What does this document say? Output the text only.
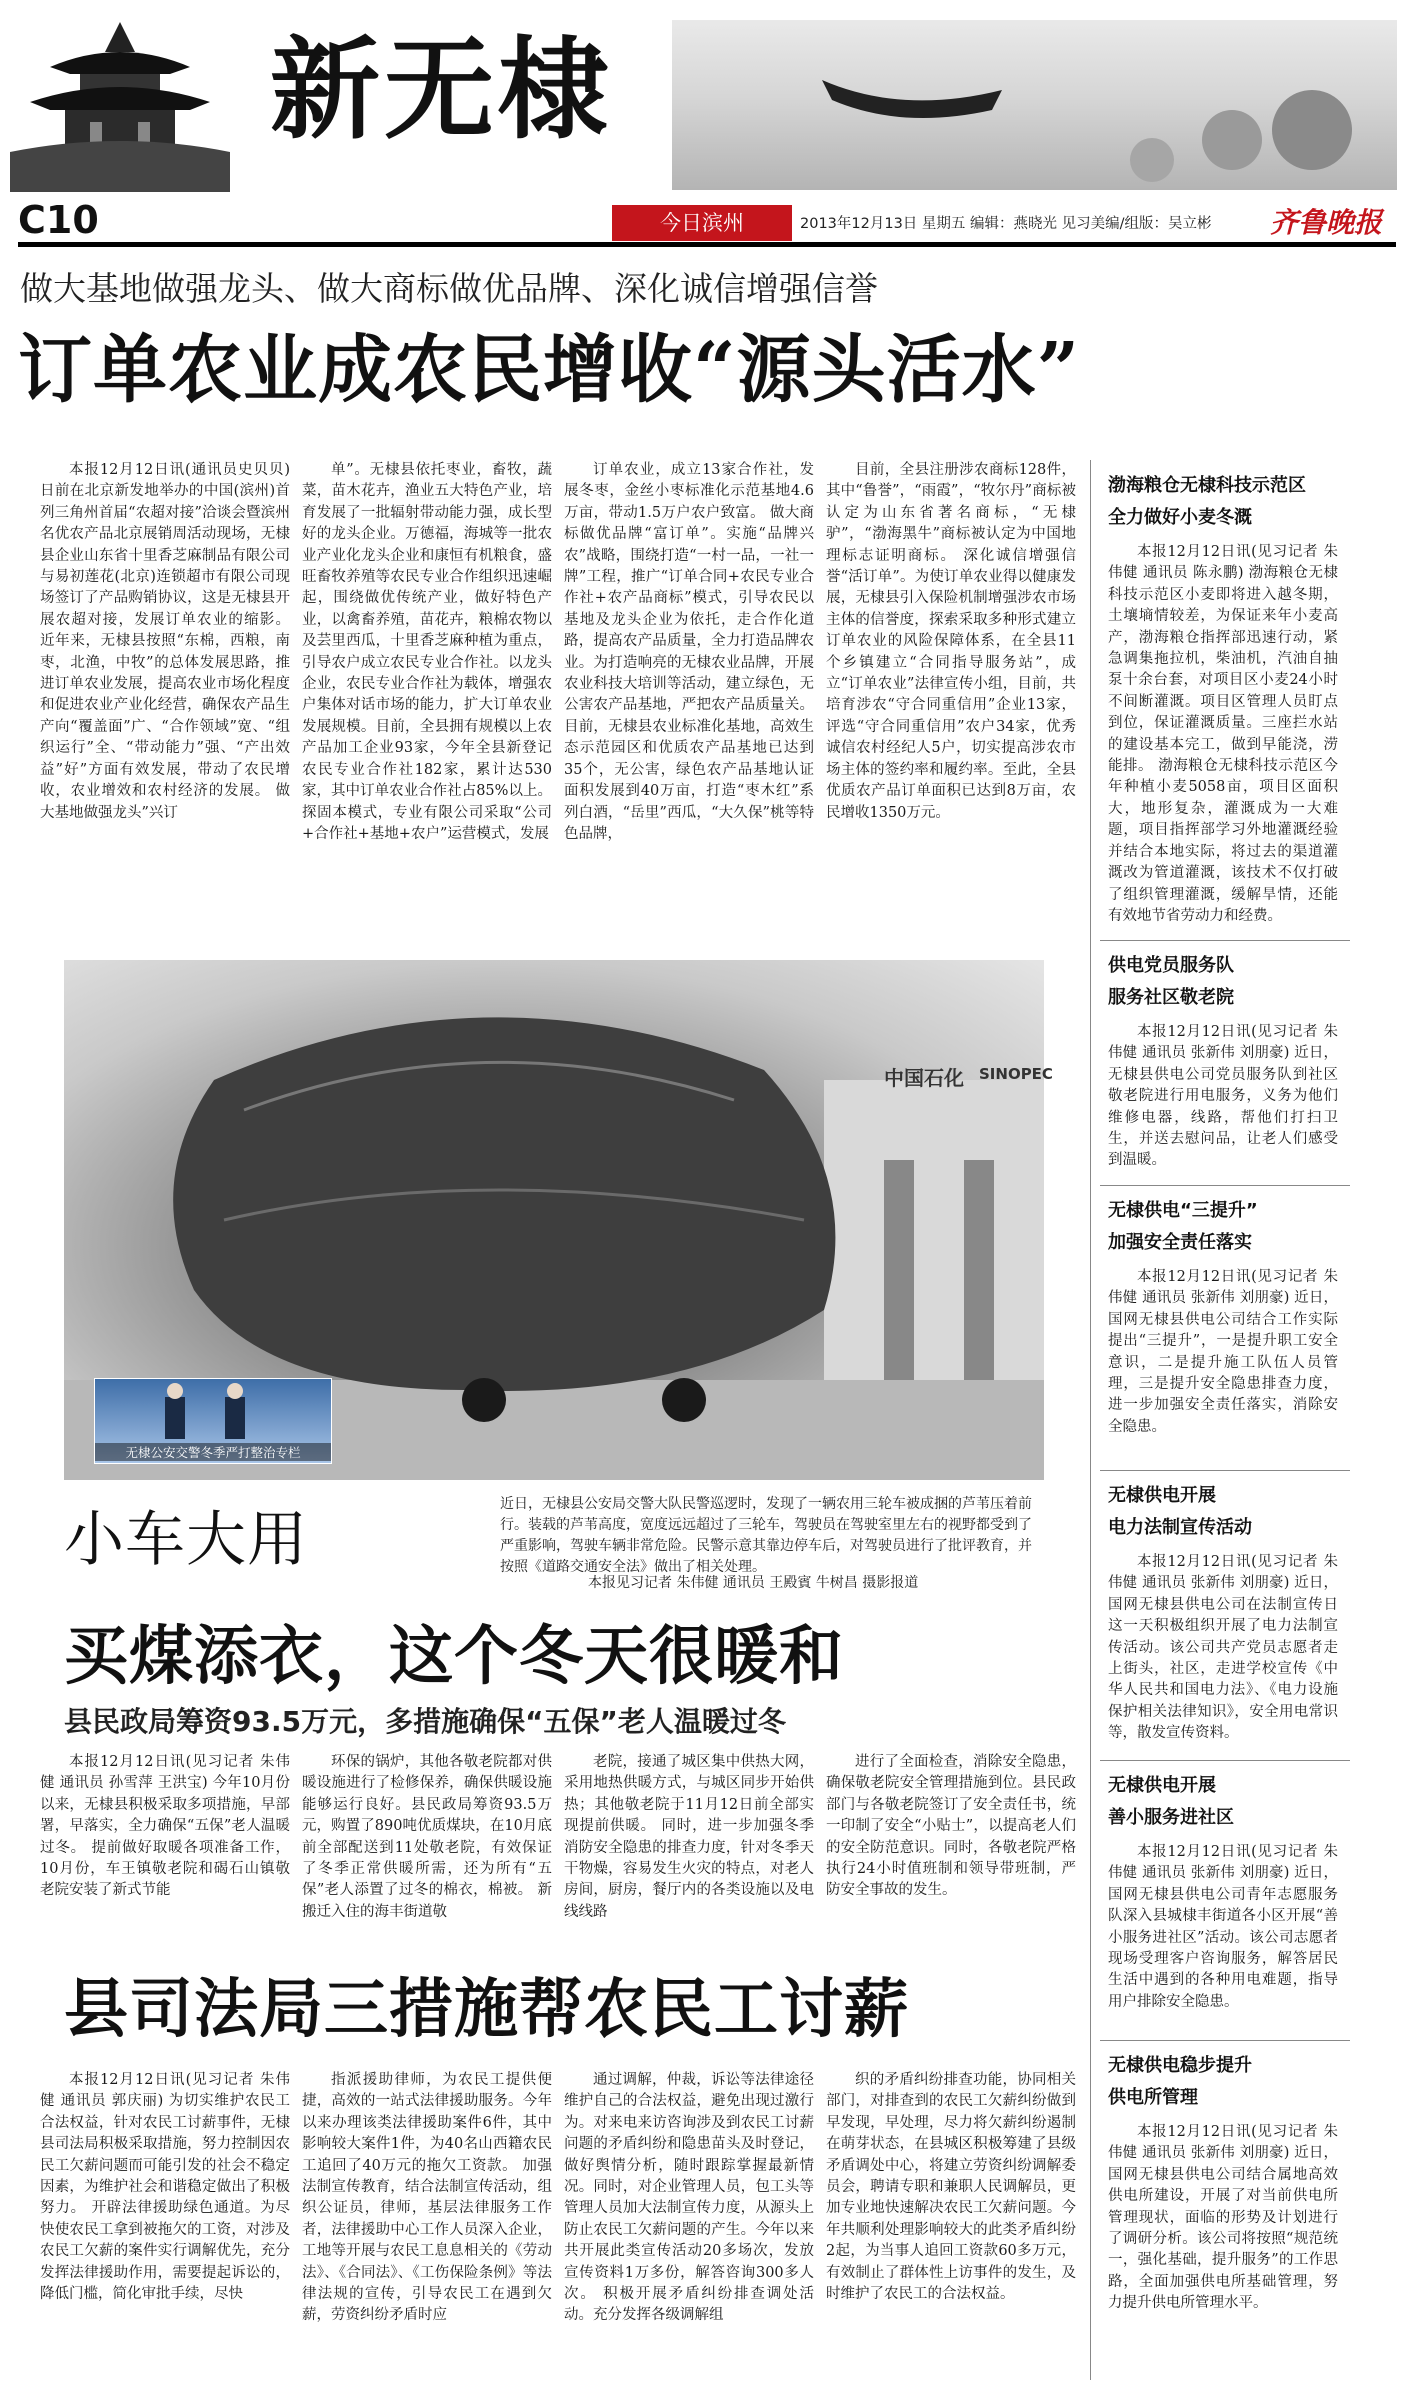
新无棣
C10	今日滨州	2013年12月13日 星期五 编辑：燕晓光 见习美编/组版：吴立彬 齐鲁晚报
做大基地做强龙头、做大商标做优品牌、深化诚信增强信誉
订单农业成农民增收“源头活水”

本报12月12日讯(通讯员史贝贝) 日前在北京新发地举办的中国(滨州)首列三角州首届“农超对接”洽谈会暨滨州名优农产品北京展销周活动现场，无棣县企业山东省十里香芝麻制品有限公司与易初莲花(北京)连锁超市有限公司现场签订了产品购销协议，这是无棣县开展农超对接，发展订单农业的缩影。 近年来，无棣县按照“东棉，西粮，南枣，北渔，中牧”的总体发展思路，推进订单农业发展，提高农业市场化程度和促进农业产业化经营，确保农产品生产向“覆盖面”广、“合作领域”宽、“组织运行”全、“带动能力”强、“产出效益”好”方面有效发展，带动了农民增收，农业增效和农村经济的发展。 做大基地做强龙头”兴订

单”。无棣县依托枣业，畜牧，蔬菜，苗木花卉，渔业五大特色产业，培育发展了一批辐射带动能力强，成长型好的龙头企业。万德福，海城等一批农业产业化龙头企业和康恒有机粮食，盛旺畜牧养殖等农民专业合作组织迅速崛起，围绕做优传统产业，做好特色产业，以禽畜养殖，苗花卉，粮棉农物以及芸里西瓜，十里香芝麻种植为重点，引导农户成立农民专业合作社。以龙头企业，农民专业合作社为载体，增强农户集体对话市场的能力，扩大订单农业发展规模。目前，全县拥有规模以上农产品加工企业93家，今年全县新登记农民专业合作社182家，累计达530家，其中订单农业合作社占85%以上。探固本模式，专业有限公司采取“公司+合作社+基地+农户”运营模式，发展

订单农业，成立13家合作社，发展冬枣，金丝小枣标准化示范基地4.6万亩，带动1.5万户农户致富。 做大商标做优品牌“富订单”。实施“品牌兴农”战略，围绕打造“一村一品，一社一牌”工程，推广“订单合同+农民专业合作社+农产品商标”模式，引导农民以基地及龙头企业为依托，走合作化道路，提高农产品质量，全力打造品牌农业。为打造响亮的无棣农业品牌，开展农业科技大培训等活动，建立绿色，无公害农产品基地，严把农产品质量关。目前，无棣县农业标准化基地，高效生态示范园区和优质农产品基地已达到35个，无公害，绿色农产品基地认证面积发展到40万亩，打造“枣木红”系列白酒，“岳里”西瓜，“大久保”桃等特色品牌，

目前，全县注册涉农商标128件，其中“鲁誉”，“雨霞”，“牧尔丹”商标被认定为山东省著名商标，“无棣驴”，“渤海黑牛”商标被认定为中国地理标志证明商标。 深化诚信增强信誉“活订单”。为使订单农业得以健康发展，无棣县引入保险机制增强涉农市场主体的信誉度，探索采取多种形式建立订单农业的风险保障体系，在全县11个乡镇建立“合同指导服务站”，成立“订单农业”法律宣传小组，目前，共培育涉农“守合同重信用”企业13家，评选“守合同重信用”农户34家，优秀诚信农村经纪人5户，切实提高涉农市场主体的签约率和履约率。至此，全县优质农产品订单面积已达到8万亩，农民增收1350万元。

中国石化 SINOPEC
无棣公安交警冬季严打整治专栏
小车大用
近日，无棣县公安局交警大队民警巡逻时，发现了一辆农用三轮车被成捆的芦苇压着前行。装载的芦苇高度，宽度远远超过了三轮车，驾驶员在驾驶室里左右的视野都受到了严重影响，驾驶车辆非常危险。民警示意其靠边停车后，对驾驶员进行了批评教育，并按照《道路交通安全法》做出了相关处理。
本报见习记者 朱伟健 通讯员 王殿賓 牛树昌 摄影报道
买煤添衣，这个冬天很暖和
县民政局筹资93.5万元，多措施确保“五保”老人温暖过冬

本报12月12日讯(见习记者 朱伟健 通讯员 孙雪萍 王洪宝) 今年10月份以来，无棣县积极采取多项措施，早部署，早落实，全力确保“五保”老人温暖过冬。 提前做好取暖各项准备工作，10月份，车王镇敬老院和碣石山镇敬老院安装了新式节能

环保的锅炉，其他各敬老院都对供暖设施进行了检修保养，确保供暖设施能够运行良好。县民政局筹资93.5万元，购置了890吨优质煤块，在10月底前全部配送到11处敬老院，有效保证了冬季正常供暖所需，还为所有“五保”老人添置了过冬的棉衣，棉被。 新搬迁入住的海丰街道敬

老院，接通了城区集中供热大网，采用地热供暖方式，与城区同步开始供热；其他敬老院于11月12日前全部实现提前供暖。 同时，进一步加强冬季消防安全隐患的排查力度，针对冬季天干物燥，容易发生火灾的特点，对老人房间，厨房，餐厅内的各类设施以及电线线路

进行了全面检查，消除安全隐患，确保敬老院安全管理措施到位。县民政部门与各敬老院签订了安全责任书，统一印制了安全“小贴士”，以提高老人们的安全防范意识。同时，各敬老院严格执行24小时值班制和领导带班制，严防安全事故的发生。

县司法局三措施帮农民工讨薪

本报12月12日讯(见习记者 朱伟健 通讯员 郭庆丽) 为切实维护农民工合法权益，针对农民工讨薪事件，无棣县司法局积极采取措施，努力控制因农民工欠薪问题而可能引发的社会不稳定因素，为维护社会和谐稳定做出了积极努力。 开辟法律援助绿色通道。为尽快使农民工拿到被拖欠的工资，对涉及农民工欠薪的案件实行调解优先，充分发挥法律援助作用，需要提起诉讼的，降低门槛，简化审批手续，尽快

指派援助律师，为农民工提供便捷，高效的一站式法律援助服务。今年以来办理该类法律援助案件6件，其中影响较大案件1件，为40名山西籍农民工追回了40万元的拖欠工资款。 加强法制宣传教育，结合法制宣传活动，组织公证员，律师，基层法律服务工作者，法律援助中心工作人员深入企业，工地等开展与农民工息息相关的《劳动法》、《合同法》、《工伤保险条例》等法律法规的宣传，引导农民工在遇到欠薪，劳资纠纷矛盾时应

通过调解，仲裁，诉讼等法律途径维护自己的合法权益，避免出现过激行为。对来电来访咨询涉及到农民工讨薪问题的矛盾纠纷和隐患苗头及时登记，做好舆情分析，随时跟踪掌握最新情况。同时，对企业管理人员，包工头等管理人员加大法制宣传力度，从源头上防止农民工欠薪问题的产生。今年以来共开展此类宣传活动20多场次，发放宣传资料1万多份，解答咨询300多人次。 积极开展矛盾纠纷排查调处活动。充分发挥各级调解组

织的矛盾纠纷排查功能，协同相关部门，对排查到的农民工欠薪纠纷做到早发现，早处理，尽力将欠薪纠纷遏制在萌芽状态，在县城区积极筹建了县级矛盾调处中心，将建立劳资纠纷调解委员会，聘请专职和兼职人民调解员，更加专业地快速解决农民工欠薪问题。今年共顺利处理影响较大的此类矛盾纠纷2起，为当事人追回工资款60多万元，有效制止了群体性上访事件的发生，及时维护了农民工的合法权益。

渤海粮仓无棣科技示范区
全力做好小麦冬溉

本报12月12日讯(见习记者 朱伟健 通讯员 陈永鹏) 渤海粮仓无棣科技示范区小麦即将进入越冬期，土壤墒情较差，为保证来年小麦高产，渤海粮仓指挥部迅速行动，紧急调集拖拉机，柴油机，汽油自抽泵十余台套，对项目区小麦24小时不间断灌溉。项目区管理人员盯点到位，保证灌溉质量。三座拦水站的建设基本完工，做到早能浇，涝能排。 渤海粮仓无棣科技示范区今年种植小麦5058亩，项目区面积大，地形复杂，灌溉成为一大难题，项目指挥部学习外地灌溉经验并结合本地实际，将过去的渠道灌溉改为管道灌溉，该技术不仅打破了组织管理灌溉，缓解旱情，还能有效地节省劳动力和经费。

供电党员服务队
服务社区敬老院

本报12月12日讯(见习记者 朱伟健 通讯员 张新伟 刘朋豪) 近日，无棣县供电公司党员服务队到社区敬老院进行用电服务，义务为他们维修电器，线路，帮他们打扫卫生，并送去慰问品，让老人们感受到温暖。

无棣供电“三提升”
加强安全责任落实

本报12月12日讯(见习记者 朱伟健 通讯员 张新伟 刘朋豪) 近日，国网无棣县供电公司结合工作实际提出“三提升”，一是提升职工安全意识，二是提升施工队伍人员管理，三是提升安全隐患排查力度，进一步加强安全责任落实，消除安全隐患。

无棣供电开展
电力法制宣传活动

本报12月12日讯(见习记者 朱伟健 通讯员 张新伟 刘朋豪) 近日，国网无棣县供电公司在法制宣传日这一天积极组织开展了电力法制宣传活动。该公司共产党员志愿者走上街头，社区，走进学校宣传《中华人民共和国电力法》、《电力设施保护相关法律知识》，安全用电常识等，散发宣传资料。

无棣供电开展
善小服务进社区

本报12月12日讯(见习记者 朱伟健 通讯员 张新伟 刘朋豪) 近日，国网无棣县供电公司青年志愿服务队深入县城棣丰街道各小区开展“善小服务进社区”活动。该公司志愿者现场受理客户咨询服务，解答居民生活中遇到的各种用电难题，指导用户排除安全隐患。

无棣供电稳步提升
供电所管理

本报12月12日讯(见习记者 朱伟健 通讯员 张新伟 刘朋豪) 近日，国网无棣县供电公司结合属地高效供电所建设，开展了对当前供电所管理现状，面临的形势及计划进行了调研分析。该公司将按照“规范统一，强化基础，提升服务”的工作思路，全面加强供电所基础管理，努力提升供电所管理水平。
